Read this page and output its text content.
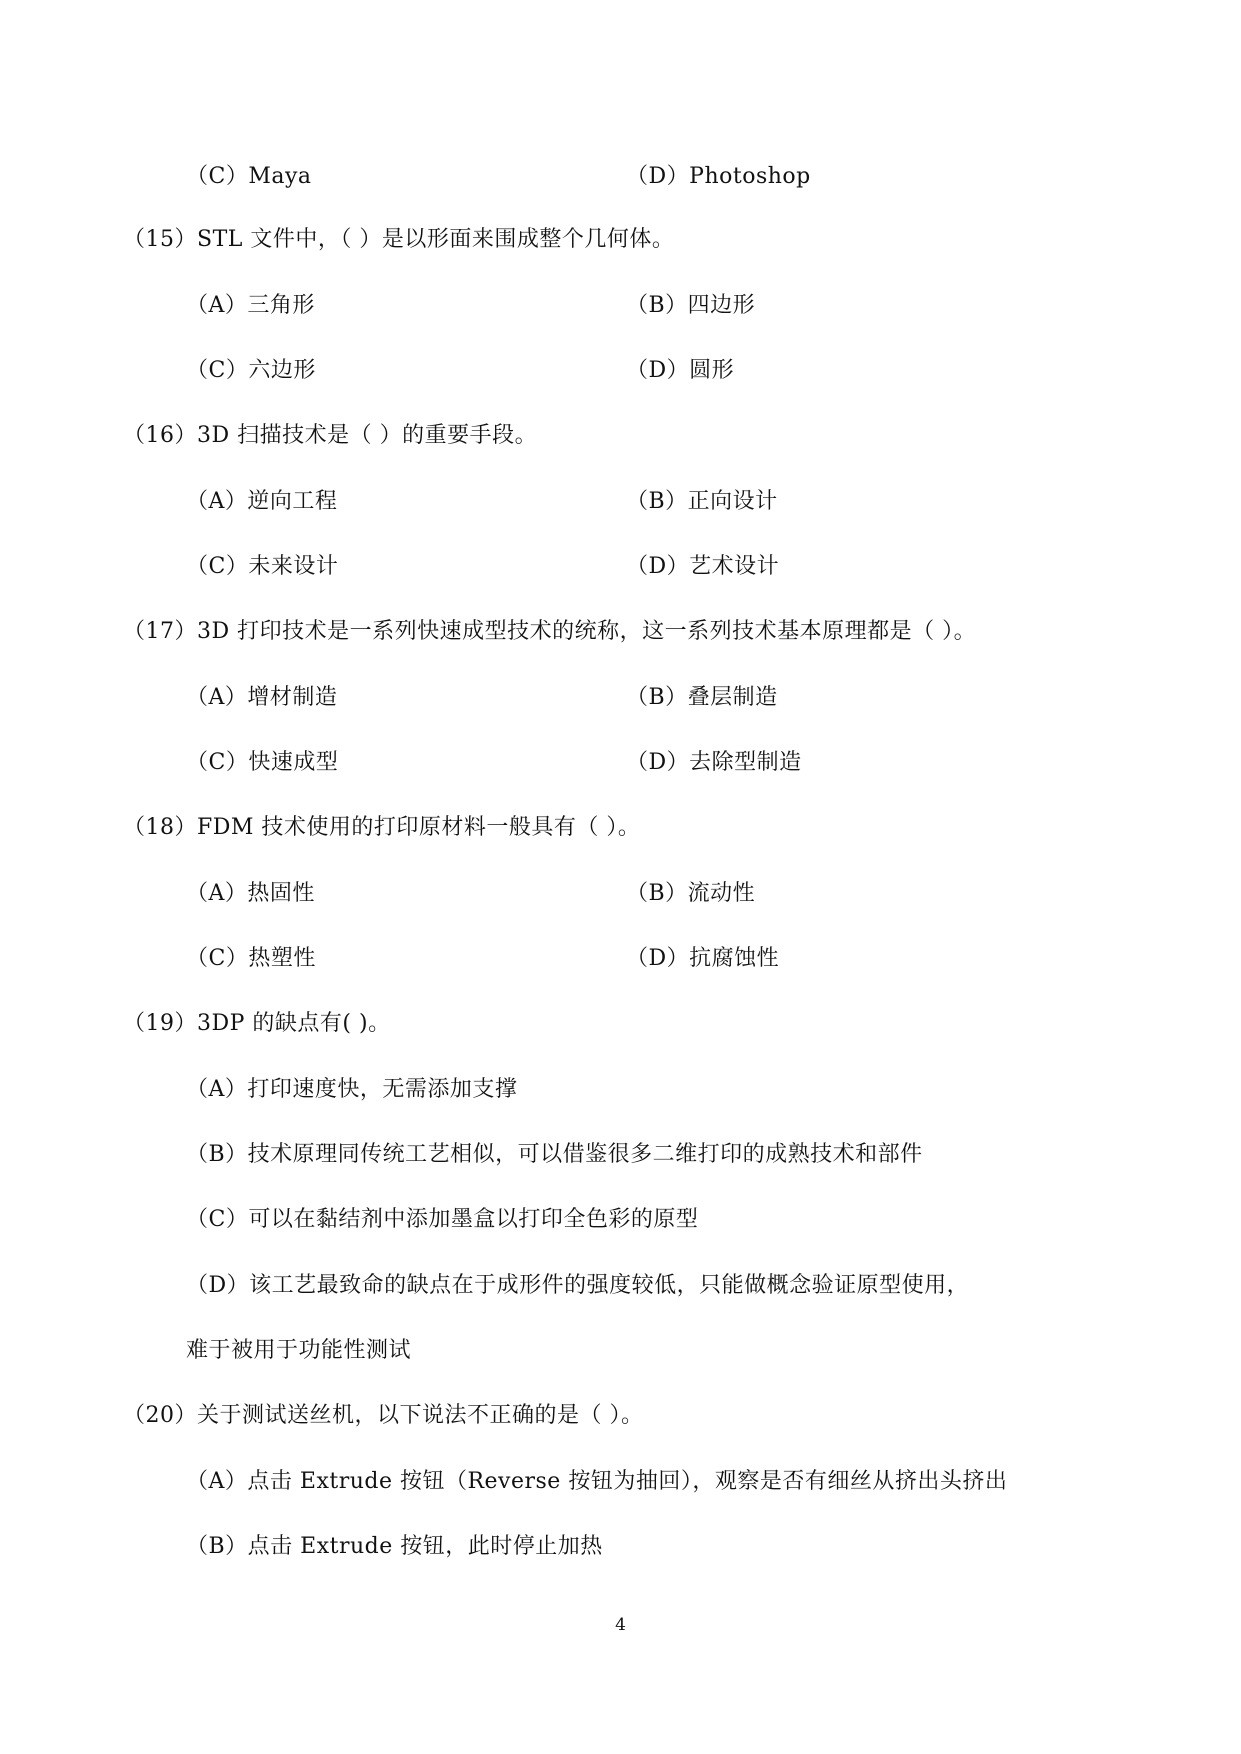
（C）Maya	（D）Photoshop
（15）STL 文件中，（ ）是以形面来围成整个几何体。
（A）三角形	（B）四边形
（C）六边形	（D）圆形
（16）3D 扫描技术是（ ）的重要手段。
（A）逆向工程	（B）正向设计
（C）未来设计	（D）艺术设计
（17）3D 打印技术是一系列快速成型技术的统称，这一系列技术基本原理都是（ ）。
（A）增材制造	（B）叠层制造
（C）快速成型	（D）去除型制造
（18）FDM 技术使用的打印原材料一般具有（ ）。
（A）热固性	（B）流动性
（C）热塑性	（D）抗腐蚀性
（19）3DP 的缺点有( )。
（A）打印速度快，无需添加支撑
（B）技术原理同传统工艺相似，可以借鉴很多二维打印的成熟技术和部件
（C）可以在黏结剂中添加墨盒以打印全色彩的原型
（D）该工艺最致命的缺点在于成形件的强度较低，只能做概念验证原型使用，
难于被用于功能性测试
（20）关于测试送丝机，以下说法不正确的是（ ）。
（A）点击 Extrude 按钮（Reverse 按钮为抽回），观察是否有细丝从挤出头挤出
（B）点击 Extrude 按钮，此时停止加热
4
